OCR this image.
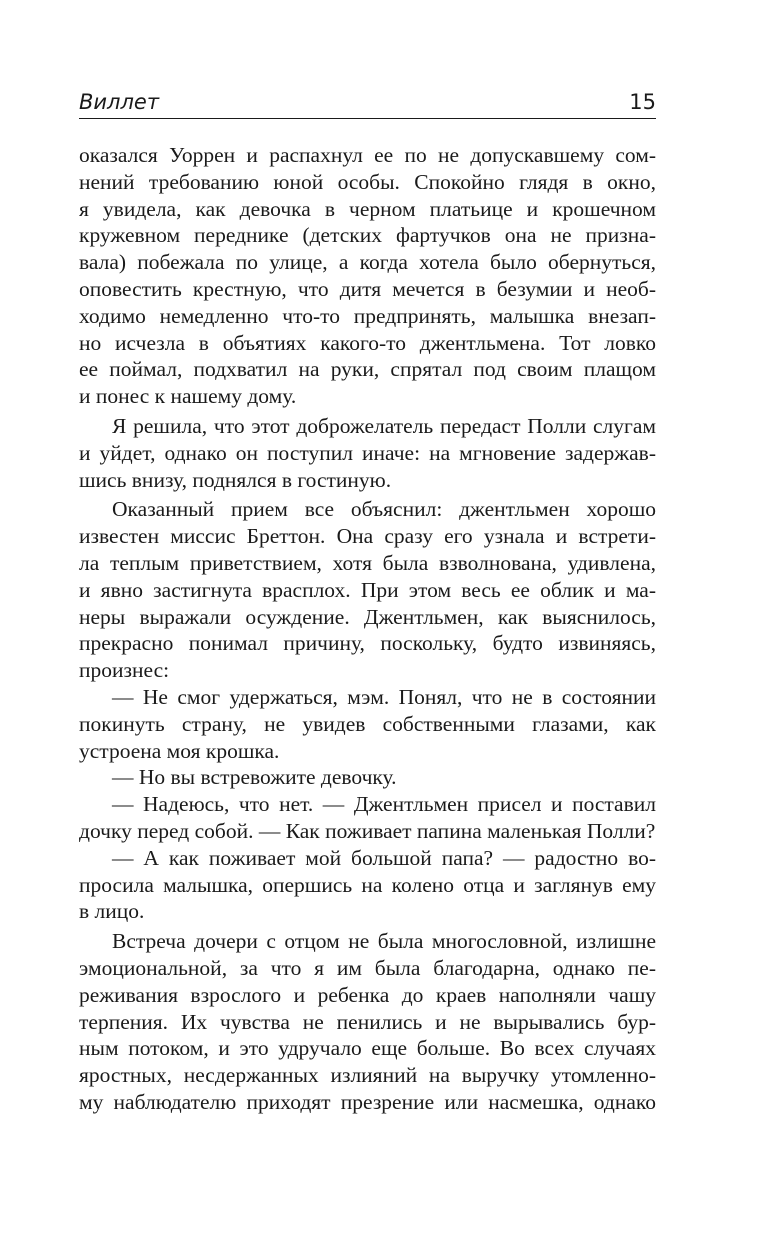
Виллет	15
оказался Уоррен и распахнул ее по не допускавшему сом-
нений требованию юной особы. Спокойно глядя в окно,
я увидела, как девочка в черном платьице и крошечном
кружевном переднике (детских фартучков она не призна-
вала) побежала по улице, а когда хотела было обернуться,
оповестить крестную, что дитя мечется в безумии и необ-
ходимо немедленно что-то предпринять, малышка внезап-
но исчезла в объятиях какого-то джентльмена. Тот ловко
ее поймал, подхватил на руки, спрятал под своим плащом
и понес к нашему дому.
Я решила, что этот доброжелатель передаст Полли слугам
и уйдет, однако он поступил иначе: на мгновение задержав-
шись внизу, поднялся в гостиную.
Оказанный прием все объяснил: джентльмен хорошо
известен миссис Бреттон. Она сразу его узнала и встрети-
ла теплым приветствием, хотя была взволнована, удивлена,
и явно застигнута врасплох. При этом весь ее облик и ма-
неры выражали осуждение. Джентльмен, как выяснилось,
прекрасно понимал причину, поскольку, будто извиняясь,
произнес:
— Не смог удержаться, мэм. Понял, что не в состоянии
покинуть страну, не увидев собственными глазами, как
устроена моя крошка.
— Но вы встревожите девочку.
— Надеюсь, что нет. — Джентльмен присел и поставил
дочку перед собой. — Как поживает папина маленькая Полли?
— А как поживает мой большой папа? — радостно во-
просила малышка, опершись на колено отца и заглянув ему
в лицо.
Встреча дочери с отцом не была многословной, излишне
эмоциональной, за что я им была благодарна, однако пе-
реживания взрослого и ребенка до краев наполняли чашу
терпения. Их чувства не пенились и не вырывались бур-
ным потоком, и это удручало еще больше. Во всех случаях
яростных, несдержанных излияний на выручку утомленно-
му наблюдателю приходят презрение или насмешка, однако
